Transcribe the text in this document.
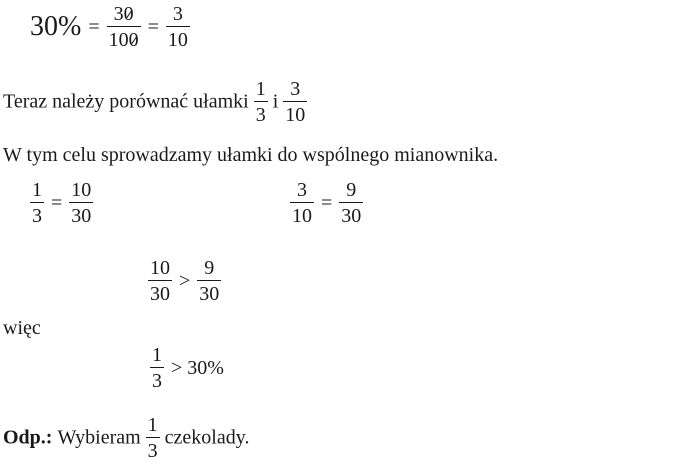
$30\% = \frac{30}{100} = \frac{3}{10}$
Teraz należy porównać ułamki $\frac{1}{3}$ i $\frac{3}{10}$
W tym celu sprowadzamy ułamki do wspólnego mianownika.
$\frac{1}{3} = \frac{10}{30}$	$\frac{3}{10} = \frac{9}{30}$
$\frac{10}{30} > \frac{9}{30}$
więc
$\frac{1}{3} > 30\%$
Odp.: Wybieram $\frac{1}{3}$ czekolady.
